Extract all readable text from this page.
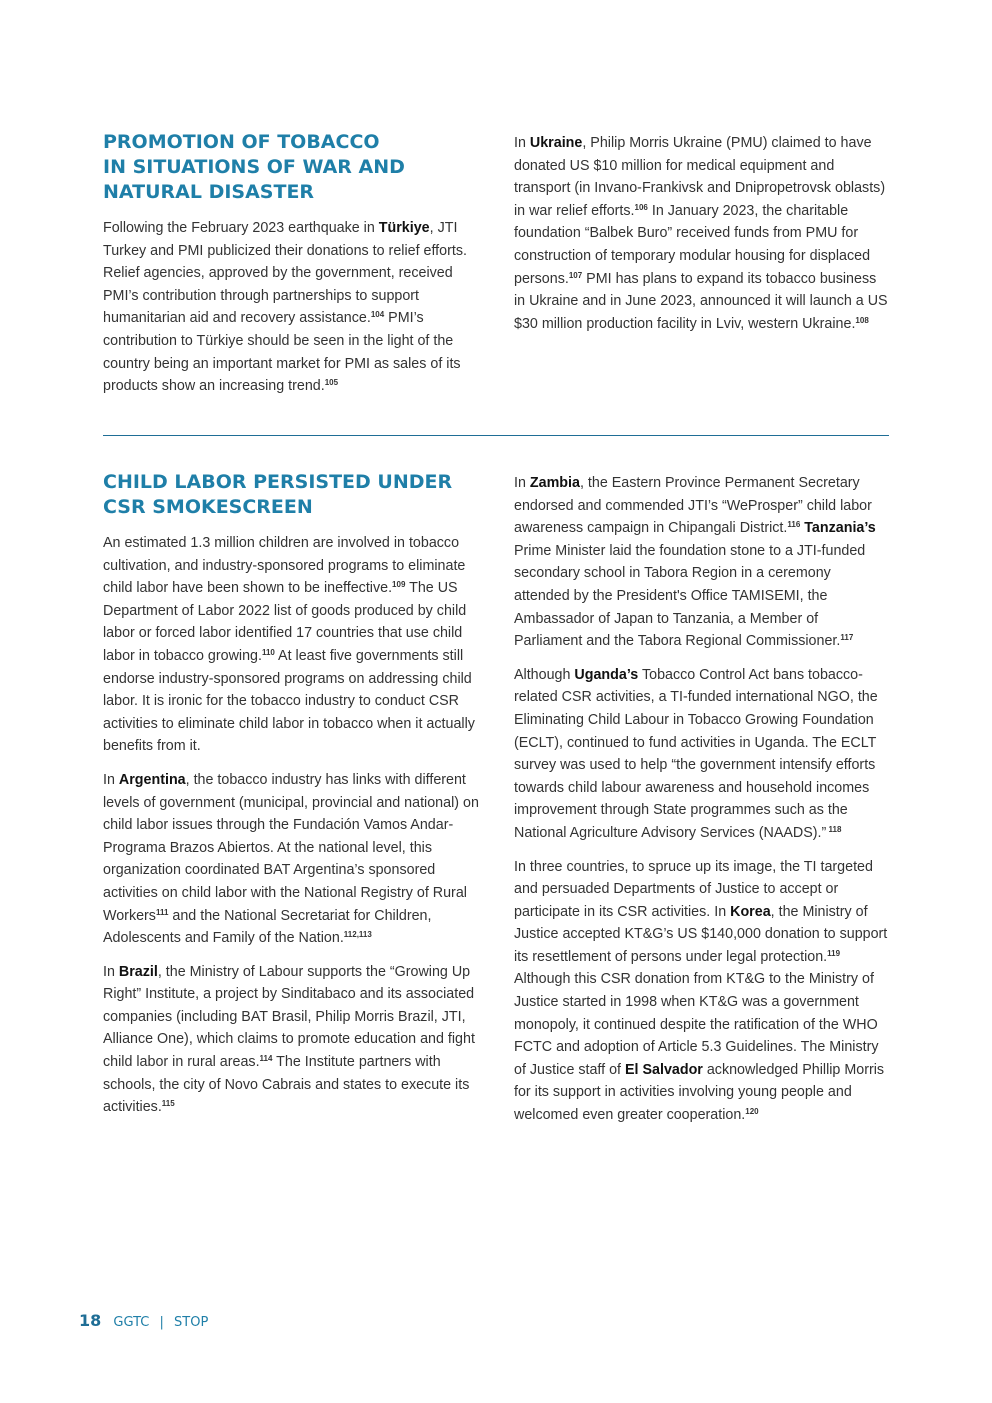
PROMOTION OF TOBACCO
IN SITUATIONS OF WAR AND
NATURAL DISASTER

Following the February 2023 earthquake in Türkiye, JTI Turkey and PMI publicized their donations to relief efforts. Relief agencies, approved by the government, received PMI’s contribution through partnerships to support humanitarian aid and recovery assistance.$^{104}$ PMI’s contribution to Türkiye should be seen in the light of the country being an important market for PMI as sales of its products show an increasing trend.$^{105}$

In Ukraine, Philip Morris Ukraine (PMU) claimed to have donated US $10 million for medical equipment and transport (in Invano-Frankivsk and Dnipropetrovsk oblasts) in war relief efforts.$^{106}$ In January 2023, the charitable foundation “Balbek Buro” received funds from PMU for construction of temporary modular housing for displaced persons.$^{107}$ PMI has plans to expand its tobacco business in Ukraine and in June 2023, announced it will launch a US $30 million production facility in Lviv, western Ukraine.$^{108}$

CHILD LABOR PERSISTED UNDER
CSR SMOKESCREEN

An estimated 1.3 million children are involved in tobacco cultivation, and industry-sponsored programs to eliminate child labor have been shown to be ineffective.$^{109}$ The US Department of Labor 2022 list of goods produced by child labor or forced labor identified 17 countries that use child labor in tobacco growing.$^{110}$ At least five governments still endorse industry-sponsored programs on addressing child labor. It is ironic for the tobacco industry to conduct CSR activities to eliminate child labor in tobacco when it actually benefits from it.

In Argentina, the tobacco industry has links with different levels of government (municipal, provincial and national) on child labor issues through the Fundación Vamos Andar-Programa Brazos Abiertos. At the national level, this organization coordinated BAT Argentina’s sponsored activities on child labor with the National Registry of Rural Workers$^{111}$ and the National Secretariat for Children, Adolescents and Family of the Nation.$^{112,113}$

In Brazil, the Ministry of Labour supports the “Growing Up Right” Institute, a project by Sinditabaco and its associated companies (including BAT Brasil, Philip Morris Brazil, JTI, Alliance One), which claims to promote education and fight child labor in rural areas.$^{114}$ The Institute partners with schools, the city of Novo Cabrais and states to execute its activities.$^{115}$

In Zambia, the Eastern Province Permanent Secretary endorsed and commended JTI’s “WeProsper” child labor awareness campaign in Chipangali District.$^{116}$ Tanzania’s Prime Minister laid the foundation stone to a JTI-funded secondary school in Tabora Region in a ceremony attended by the President's Office TAMISEMI, the Ambassador of Japan to Tanzania, a Member of Parliament and the Tabora Regional Commissioner.$^{117}$

Although Uganda’s Tobacco Control Act bans tobacco-related CSR activities, a TI-funded international NGO, the Eliminating Child Labour in Tobacco Growing Foundation (ECLT), continued to fund activities in Uganda. The ECLT survey was used to help “the government intensify efforts towards child labour awareness and household incomes improvement through State programmes such as the National Agriculture Advisory Services (NAADS).” $^{118}$

In three countries, to spruce up its image, the TI targeted and persuaded Departments of Justice to accept or participate in its CSR activities. In Korea, the Ministry of Justice accepted KT&G’s US $140,000 donation to support its resettlement of persons under legal protection.$^{119}$ Although this CSR donation from KT&G to the Ministry of Justice started in 1998 when KT&G was a government monopoly, it continued despite the ratification of the WHO FCTC and adoption of Article 5.3 Guidelines. The Ministry of Justice staff of El Salvador acknowledged Phillip Morris for its support in activities involving young people and welcomed even greater cooperation.$^{120}$

18 GGTC | STOP
